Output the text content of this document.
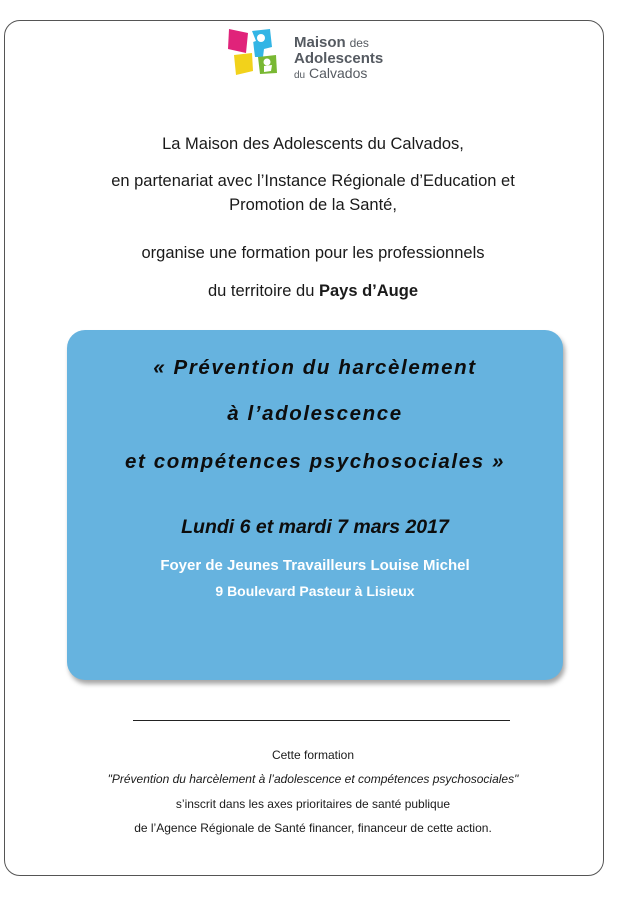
Maison des
Adolescents
du Calvados
La Maison des Adolescents du Calvados,
en partenariat avec l’Instance Régionale d’Education et
Promotion de la Santé,
organise une formation pour les professionnels
du territoire du Pays d’Auge
« Prévention du harcèlement
à l’adolescence
et compétences psychosociales »
Lundi 6 et mardi 7 mars 2017
Foyer de Jeunes Travailleurs Louise Michel
9 Boulevard Pasteur à Lisieux
Cette formation
"Prévention du harcèlement à l’adolescence et compétences psychosociales"
s’inscrit dans les axes prioritaires de santé publique
de l’Agence Régionale de Santé financer, financeur de cette action.
